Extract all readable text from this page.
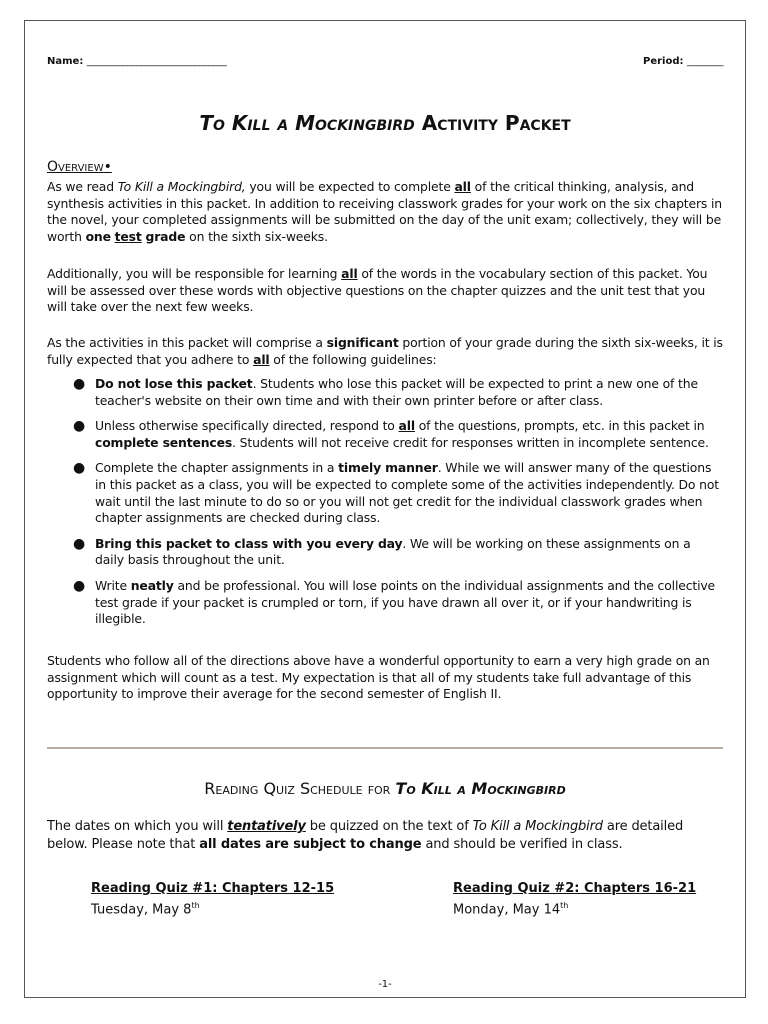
Name: _______________________________	Period: ________
To Kill a Mockingbird Activity Packet
Overview•
As we read To Kill a Mockingbird, you will be expected to complete all of the critical thinking, analysis, and synthesis activities in this packet. In addition to receiving classwork grades for your work on the six chapters in the novel, your completed assignments will be submitted on the day of the unit exam; collectively, they will be worth one test grade on the sixth six-weeks.
Additionally, you will be responsible for learning all of the words in the vocabulary section of this packet. You will be assessed over these words with objective questions on the chapter quizzes and the unit test that you will take over the next few weeks.
As the activities in this packet will comprise a significant portion of your grade during the sixth six-weeks, it is fully expected that you adhere to all of the following guidelines:
● Do not lose this packet. Students who lose this packet will be expected to print a new one of the teacher's website on their own time and with their own printer before or after class.
● Unless otherwise specifically directed, respond to all of the questions, prompts, etc. in this packet in complete sentences. Students will not receive credit for responses written in incomplete sentence.
● Complete the chapter assignments in a timely manner. While we will answer many of the questions in this packet as a class, you will be expected to complete some of the activities independently. Do not wait until the last minute to do so or you will not get credit for the individual classwork grades when chapter assignments are checked during class.
● Bring this packet to class with you every day. We will be working on these assignments on a daily basis throughout the unit.
● Write neatly and be professional. You will lose points on the individual assignments and the collective test grade if your packet is crumpled or torn, if you have drawn all over it, or if your handwriting is illegible.
Students who follow all of the directions above have a wonderful opportunity to earn a very high grade on an assignment which will count as a test. My expectation is that all of my students take full advantage of this opportunity to improve their average for the second semester of English II.
Reading Quiz Schedule for To Kill a Mockingbird
The dates on which you will tentatively be quizzed on the text of To Kill a Mockingbird are detailed below. Please note that all dates are subject to change and should be verified in class.
Reading Quiz #1: Chapters 12-15
Tuesday, May 8th
Reading Quiz #2: Chapters 16-21
Monday, May 14th
-1-
